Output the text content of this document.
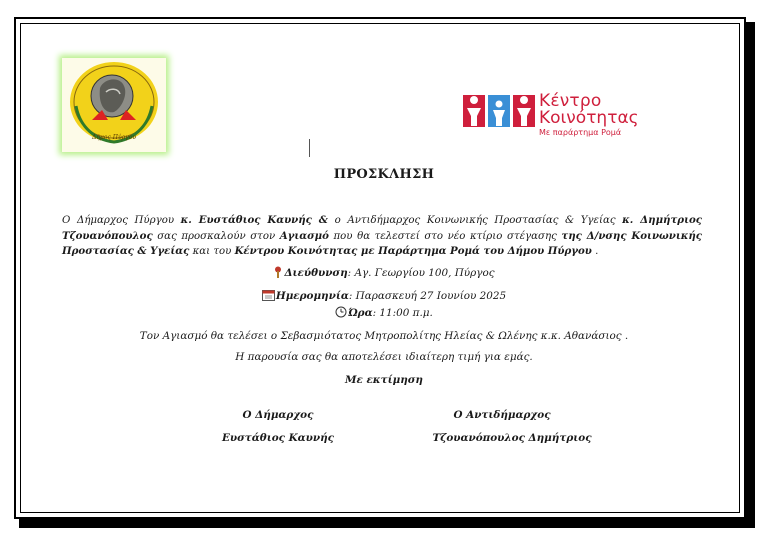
Δήμος Πύργου
Κέντρο
Κοινότητας
Με παράρτημα Ρομά
ΠΡΟΣΚΛΗΣΗ
Ο Δήμαρχος Πύργου κ. Ευστάθιος Καυνής & ο Αντιδήμαρχος Κοινωνικής Προστασίας & Υγείας κ. Δημήτριος Τζουανόπουλος σας προσκαλούν στον Αγιασμό που θα τελεστεί στο νέο κτίριο στέγασης της Δ/νσης Κοινωνικής Προστασίας & Υγείας και του Κέντρου Κοινότητας με Παράρτημα Ρομά του Δήμου Πύργου .
Διεύθυνση: Αγ. Γεωργίου 100, Πύργος
Ημερομηνία: Παρασκευή 27 Ιουνίου 2025
Ώρα: 11:00 π.μ.
Τον Αγιασμό θα τελέσει ο Σεβασμιότατος Μητροπολίτης Ηλείας & Ωλένης κ.κ. Αθανάσιος .
Η παρουσία σας θα αποτελέσει ιδιαίτερη τιμή για εμάς.
Με εκτίμηση
Ο Δήμαρχος
Ευστάθιος Καυνής
Ο Αντιδήμαρχος
Τζουανόπουλος Δημήτριος
